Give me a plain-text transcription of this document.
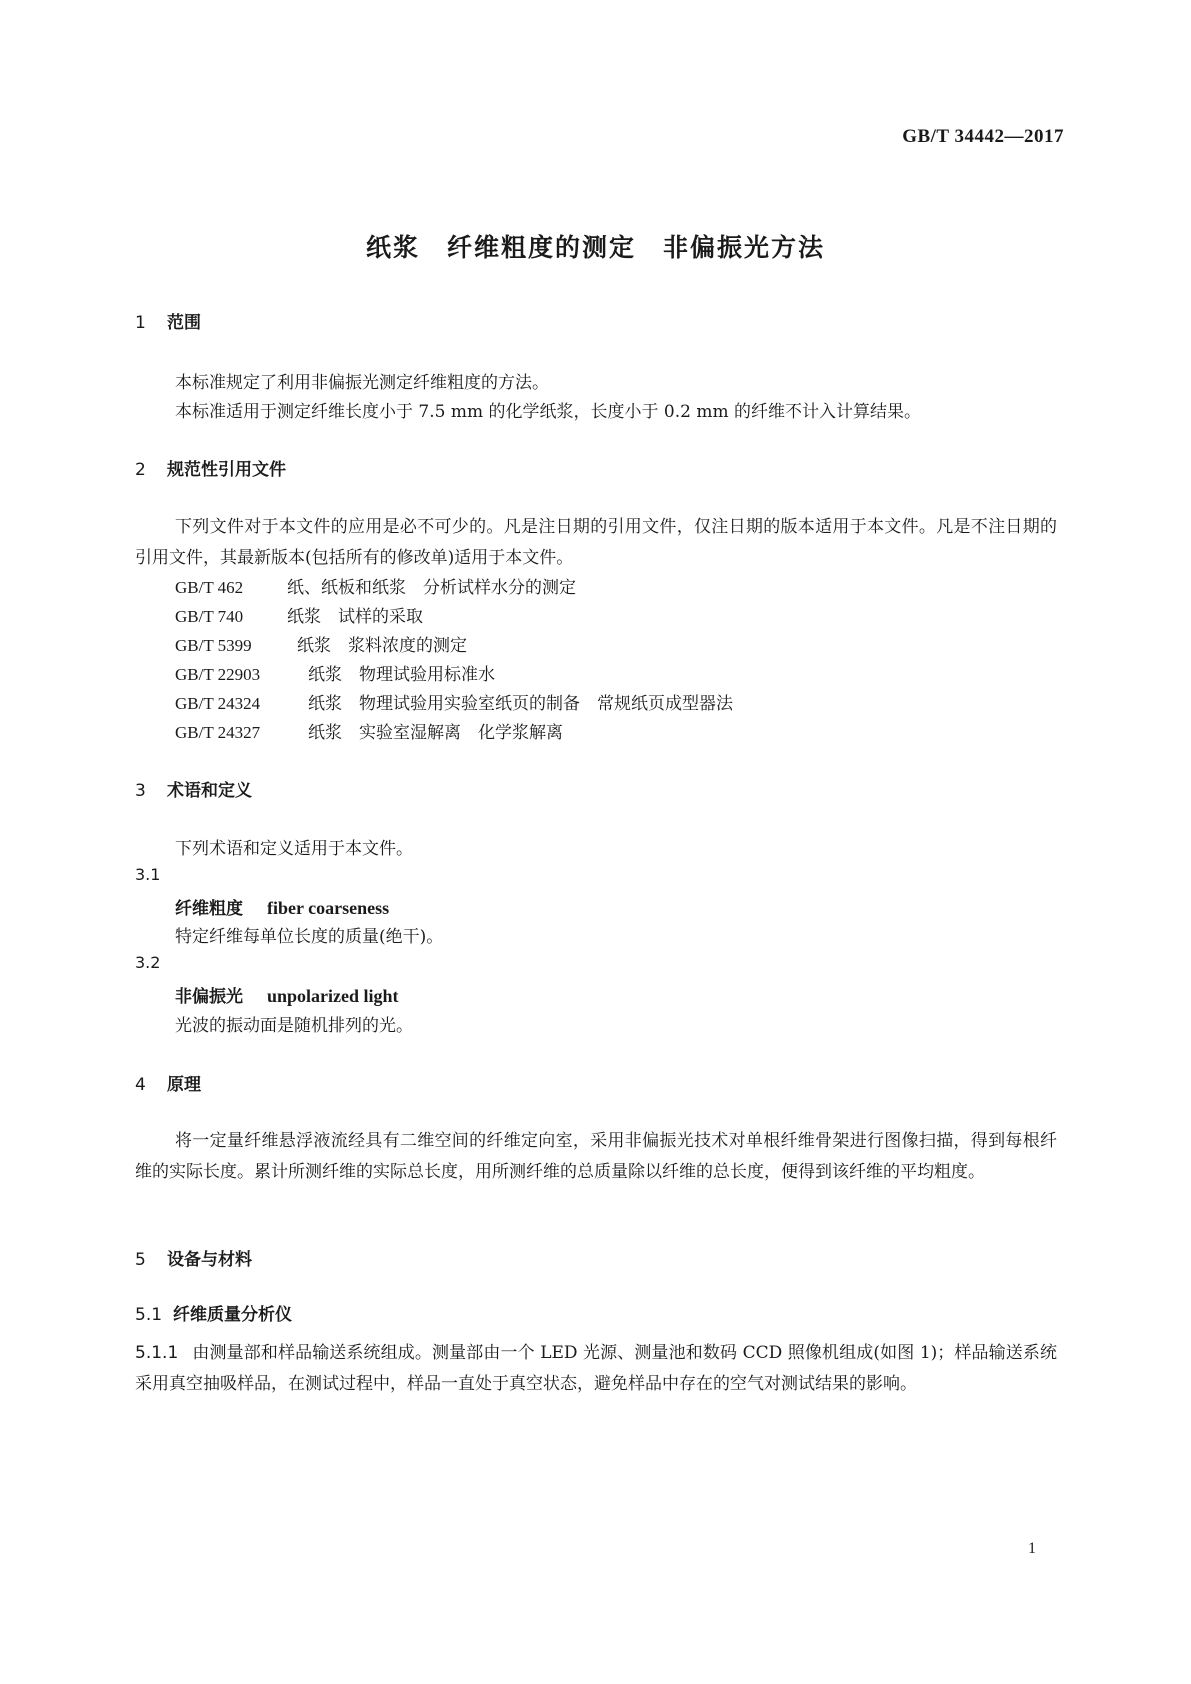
GB/T 34442—2017
纸浆　纤维粗度的测定　非偏振光方法
1 范围
本标准规定了利用非偏振光测定纤维粗度的方法。
本标准适用于测定纤维长度小于 7.5 mm 的化学纸浆，长度小于 0.2 mm 的纤维不计入计算结果。
2 规范性引用文件
下列文件对于本文件的应用是必不可少的。凡是注日期的引用文件，仅注日期的版本适用于本文件。凡是不注日期的引用文件，其最新版本(包括所有的修改单)适用于本文件。
GB/T 462	纸、纸板和纸浆　分析试样水分的测定
GB/T 740	纸浆　试样的采取
GB/T 5399	纸浆　浆料浓度的测定
GB/T 22903	纸浆　物理试验用标准水
GB/T 24324	纸浆　物理试验用实验室纸页的制备　常规纸页成型器法
GB/T 24327	纸浆　实验室湿解离　化学浆解离
3 术语和定义
下列术语和定义适用于本文件。
3.1
纤维粗度 fiber coarseness
特定纤维每单位长度的质量(绝干)。
3.2
非偏振光 unpolarized light
光波的振动面是随机排列的光。
4 原理
将一定量纤维悬浮液流经具有二维空间的纤维定向室，采用非偏振光技术对单根纤维骨架进行图像扫描，得到每根纤维的实际长度。累计所测纤维的实际总长度，用所测纤维的总质量除以纤维的总长度，便得到该纤维的平均粗度。
5 设备与材料
5.1 纤维质量分析仪
5.1.1 由测量部和样品输送系统组成。测量部由一个 LED 光源、测量池和数码 CCD 照像机组成(如图 1)；样品输送系统采用真空抽吸样品，在测试过程中，样品一直处于真空状态，避免样品中存在的空气对测试结果的影响。
1
